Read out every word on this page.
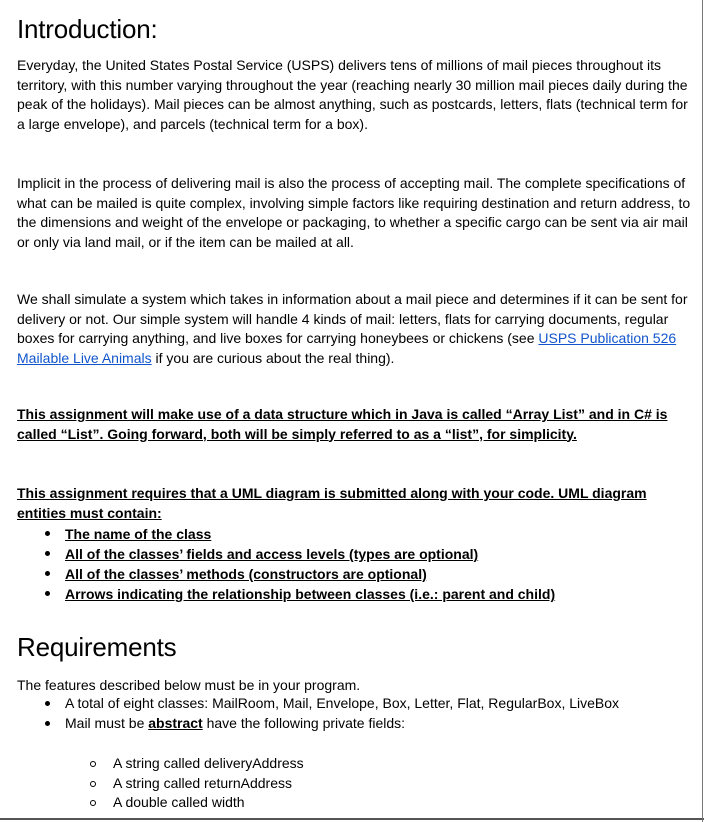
Introduction:

Everyday, the United States Postal Service (USPS) delivers tens of millions of mail pieces throughout its territory, with this number varying throughout the year (reaching nearly 30 million mail pieces daily during the peak of the holidays). Mail pieces can be almost anything, such as postcards, letters, flats (technical term for a large envelope), and parcels (technical term for a box).

Implicit in the process of delivering mail is also the process of accepting mail. The complete specifications of what can be mailed is quite complex, involving simple factors like requiring destination and return address, to the dimensions and weight of the envelope or packaging, to whether a specific cargo can be sent via air mail or only via land mail, or if the item can be mailed at all.

We shall simulate a system which takes in information about a mail piece and determines if it can be sent for delivery or not. Our simple system will handle 4 kinds of mail: letters, flats for carrying documents, regular boxes for carrying anything, and live boxes for carrying honeybees or chickens (see USPS Publication 526 Mailable Live Animals if you are curious about the real thing).

This assignment will make use of a data structure which in Java is called “Array List” and in C# is called “List”. Going forward, both will be simply referred to as a “list”, for simplicity.

This assignment requires that a UML diagram is submitted along with your code. UML diagram entities must contain:

The name of the class
All of the classes’ fields and access levels (types are optional)
All of the classes’ methods (constructors are optional)
Arrows indicating the relationship between classes (i.e.: parent and child)
Requirements

The features described below must be in your program.

A total of eight classes: MailRoom, Mail, Envelope, Box, Letter, Flat, RegularBox, LiveBox
Mail must be abstract have the following private fields:
A string called deliveryAddress
A string called returnAddress
A double called width
